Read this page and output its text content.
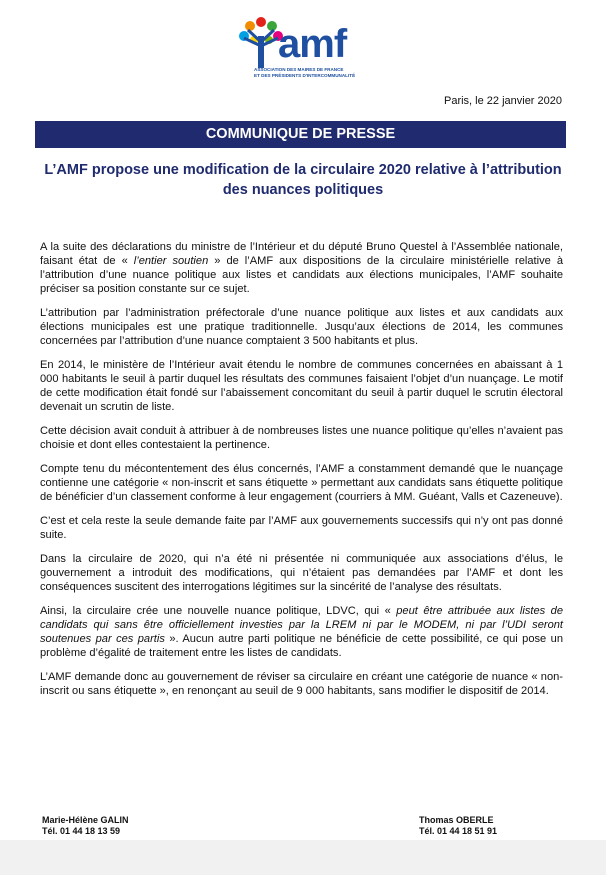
amf
ASSOCIATION DES MAIRES DE FRANCE
ET DES PRÉSIDENTS D'INTERCOMMUNALITÉ
Paris, le 22 janvier 2020
COMMUNIQUE DE PRESSE
L’AMF propose une modification de la circulaire 2020 relative à l’attribution des nuances politiques

A la suite des déclarations du ministre de l’Intérieur et du député Bruno Questel à l’Assemblée nationale, faisant état de « l’entier soutien » de l’AMF aux dispositions de la circulaire ministérielle relative à l’attribution d’une nuance politique aux listes et candidats aux élections municipales, l’AMF souhaite préciser sa position constante sur ce sujet.

L’attribution par l’administration préfectorale d’une nuance politique aux listes et aux candidats aux élections municipales est une pratique traditionnelle. Jusqu’aux élections de 2014, les communes concernées par l’attribution d’une nuance comptaient 3 500 habitants et plus.

En 2014, le ministère de l’Intérieur avait étendu le nombre de communes concernées en abaissant à 1 000 habitants le seuil à partir duquel les résultats des communes faisaient l’objet d’un nuançage. Le motif de cette modification était fondé sur l’abaissement concomitant du seuil à partir duquel le scrutin électoral devenait un scrutin de liste.

Cette décision avait conduit à attribuer à de nombreuses listes une nuance politique qu’elles n’avaient pas choisie et dont elles contestaient la pertinence.

Compte tenu du mécontentement des élus concernés, l’AMF a constamment demandé que le nuançage contienne une catégorie « non-inscrit et sans étiquette » permettant aux candidats sans étiquette politique de bénéficier d’un classement conforme à leur engagement (courriers à MM. Guéant, Valls et Cazeneuve).

C’est et cela reste la seule demande faite par l’AMF aux gouvernements successifs qui n’y ont pas donné suite.

Dans la circulaire de 2020, qui n’a été ni présentée ni communiquée aux associations d’élus, le gouvernement a introduit des modifications, qui n’étaient pas demandées par l’AMF et dont les conséquences suscitent des interrogations légitimes sur la sincérité de l’analyse des résultats.

Ainsi, la circulaire crée une nouvelle nuance politique, LDVC, qui « peut être attribuée aux listes de candidats qui sans être officiellement investies par la LREM ni par le MODEM, ni par l’UDI seront soutenues par ces partis ». Aucun autre parti politique ne bénéficie de cette possibilité, ce qui pose un problème d’égalité de traitement entre les listes de candidats.

L’AMF demande donc au gouvernement de réviser sa circulaire en créant une catégorie de nuance « non-inscrit ou sans étiquette », en renonçant au seuil de 9 000 habitants, sans modifier le dispositif de 2014.

Marie-Hélène GALIN
Tél. 01 44 18 13 59
Thomas OBERLE
Tél. 01 44 18 51 91
